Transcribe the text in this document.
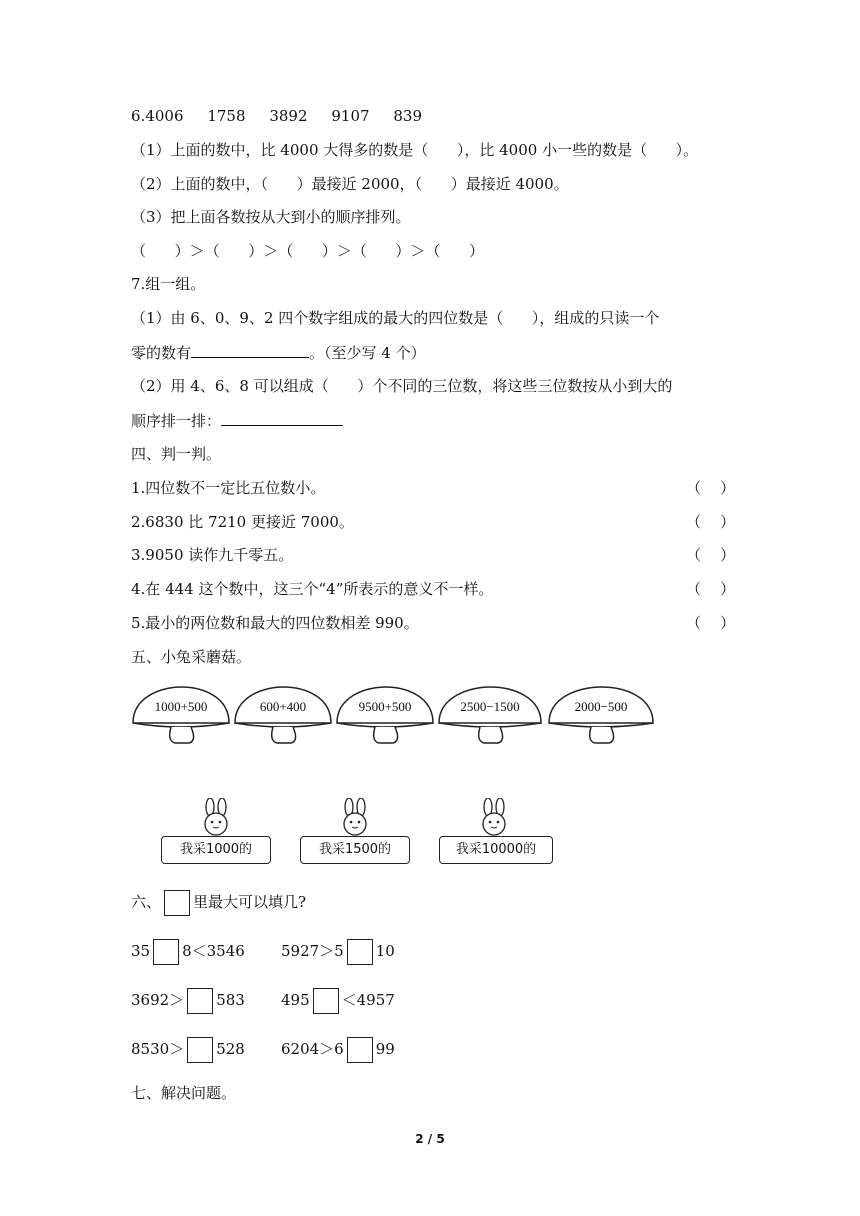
6.4006     1758     3892     9107     839
（1）上面的数中，比 4000 大得多的数是（      ），比 4000 小一些的数是（      ）。
（2）上面的数中，（      ）最接近 2000，（      ）最接近 4000。
（3）把上面各数按从大到小的顺序排列。
（      ）＞（      ）＞（      ）＞（      ）＞（      ）
7.组一组。
（1）由 6、0、9、2 四个数字组成的最大的四位数是（      ），组成的只读一个
零的数有	。（至少写 4 个）
（2）用 4、6、8 可以组成（      ）个不同的三位数，将这些三位数按从小到大的
顺序排一排：
四、判一判。
1.四位数不一定比五位数小。	（    ）
2.6830 比 7210 更接近 7000。	（    ）
3.9050 读作九千零五。	（    ）
4.在 444 这个数中，这三个“4”所表示的意义不一样。	（    ）
5.最小的两位数和最大的四位数相差 990。	（    ）
五、小兔采蘑菇。
1000+500	600+400	9500+500	2500−1500	2000−500
我采1000的	我采1500的	我采10000的
六、 里最大可以填几?
35 8＜3546 5927＞5 10
3692＞ 583 495 ＜4957
8530＞ 528 6204＞6 99
七、解决问题。
2 / 5
